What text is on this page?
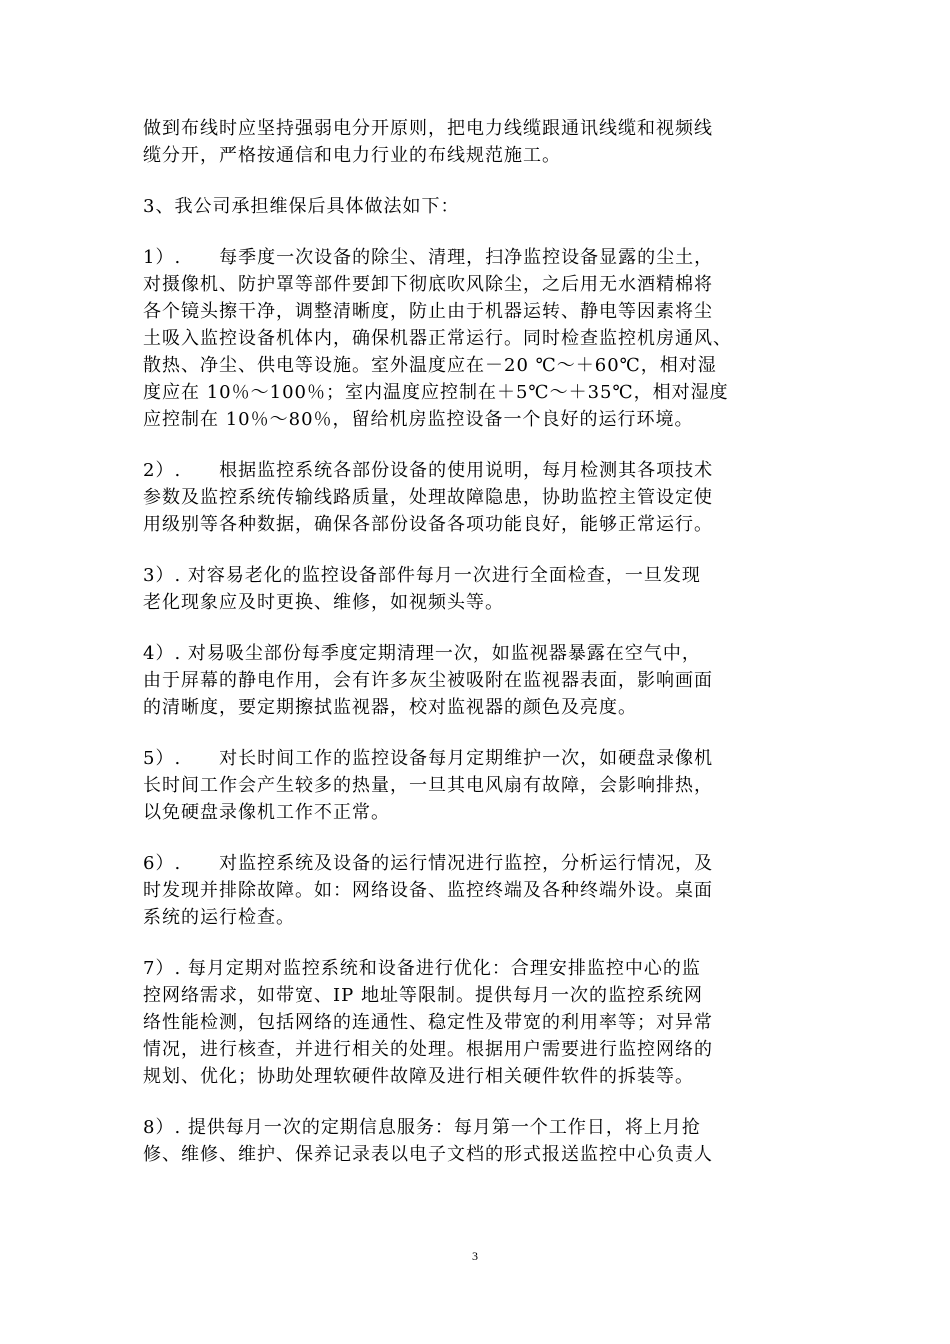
做到布线时应坚持强弱电分开原则，把电力线缆跟通讯线缆和视频线
缆分开，严格按通信和电力行业的布线规范施工。

3、我公司承担维保后具体做法如下：

1）.　　每季度一次设备的除尘、清理，扫净监控设备显露的尘土，
对摄像机、防护罩等部件要卸下彻底吹风除尘，之后用无水酒精棉将
各个镜头擦干净，调整清晰度，防止由于机器运转、静电等因素将尘
土吸入监控设备机体内，确保机器正常运行。同时检查监控机房通风、
散热、净尘、供电等设施。室外温度应在－20 ℃～＋60℃，相对湿
度应在 10％～100％；室内温度应控制在＋5℃～＋35℃，相对湿度
应控制在 10％～80％，留给机房监控设备一个良好的运行环境。

2）.　　根据监控系统各部份设备的使用说明，每月检测其各项技术
参数及监控系统传输线路质量，处理故障隐患，协助监控主管设定使
用级别等各种数据，确保各部份设备各项功能良好，能够正常运行。

3）. 对容易老化的监控设备部件每月一次进行全面检查，一旦发现
老化现象应及时更换、维修，如视频头等。

4）. 对易吸尘部份每季度定期清理一次，如监视器暴露在空气中，
由于屏幕的静电作用，会有许多灰尘被吸附在监视器表面，影响画面
的清晰度，要定期擦拭监视器，校对监视器的颜色及亮度。

5）.　　对长时间工作的监控设备每月定期维护一次，如硬盘录像机
长时间工作会产生较多的热量，一旦其电风扇有故障，会影响排热，
以免硬盘录像机工作不正常。

6）.　　对监控系统及设备的运行情况进行监控，分析运行情况，及
时发现并排除故障。如：网络设备、监控终端及各种终端外设。桌面
系统的运行检查。

7）. 每月定期对监控系统和设备进行优化：合理安排监控中心的监
控网络需求，如带宽、IP 地址等限制。提供每月一次的监控系统网
络性能检测，包括网络的连通性、稳定性及带宽的利用率等；对异常
情况，进行核查，并进行相关的处理。根据用户需要进行监控网络的
规划、优化；协助处理软硬件故障及进行相关硬件软件的拆装等。

8）. 提供每月一次的定期信息服务：每月第一个工作日，将上月抢
修、维修、维护、保养记录表以电子文档的形式报送监控中心负责人

3
